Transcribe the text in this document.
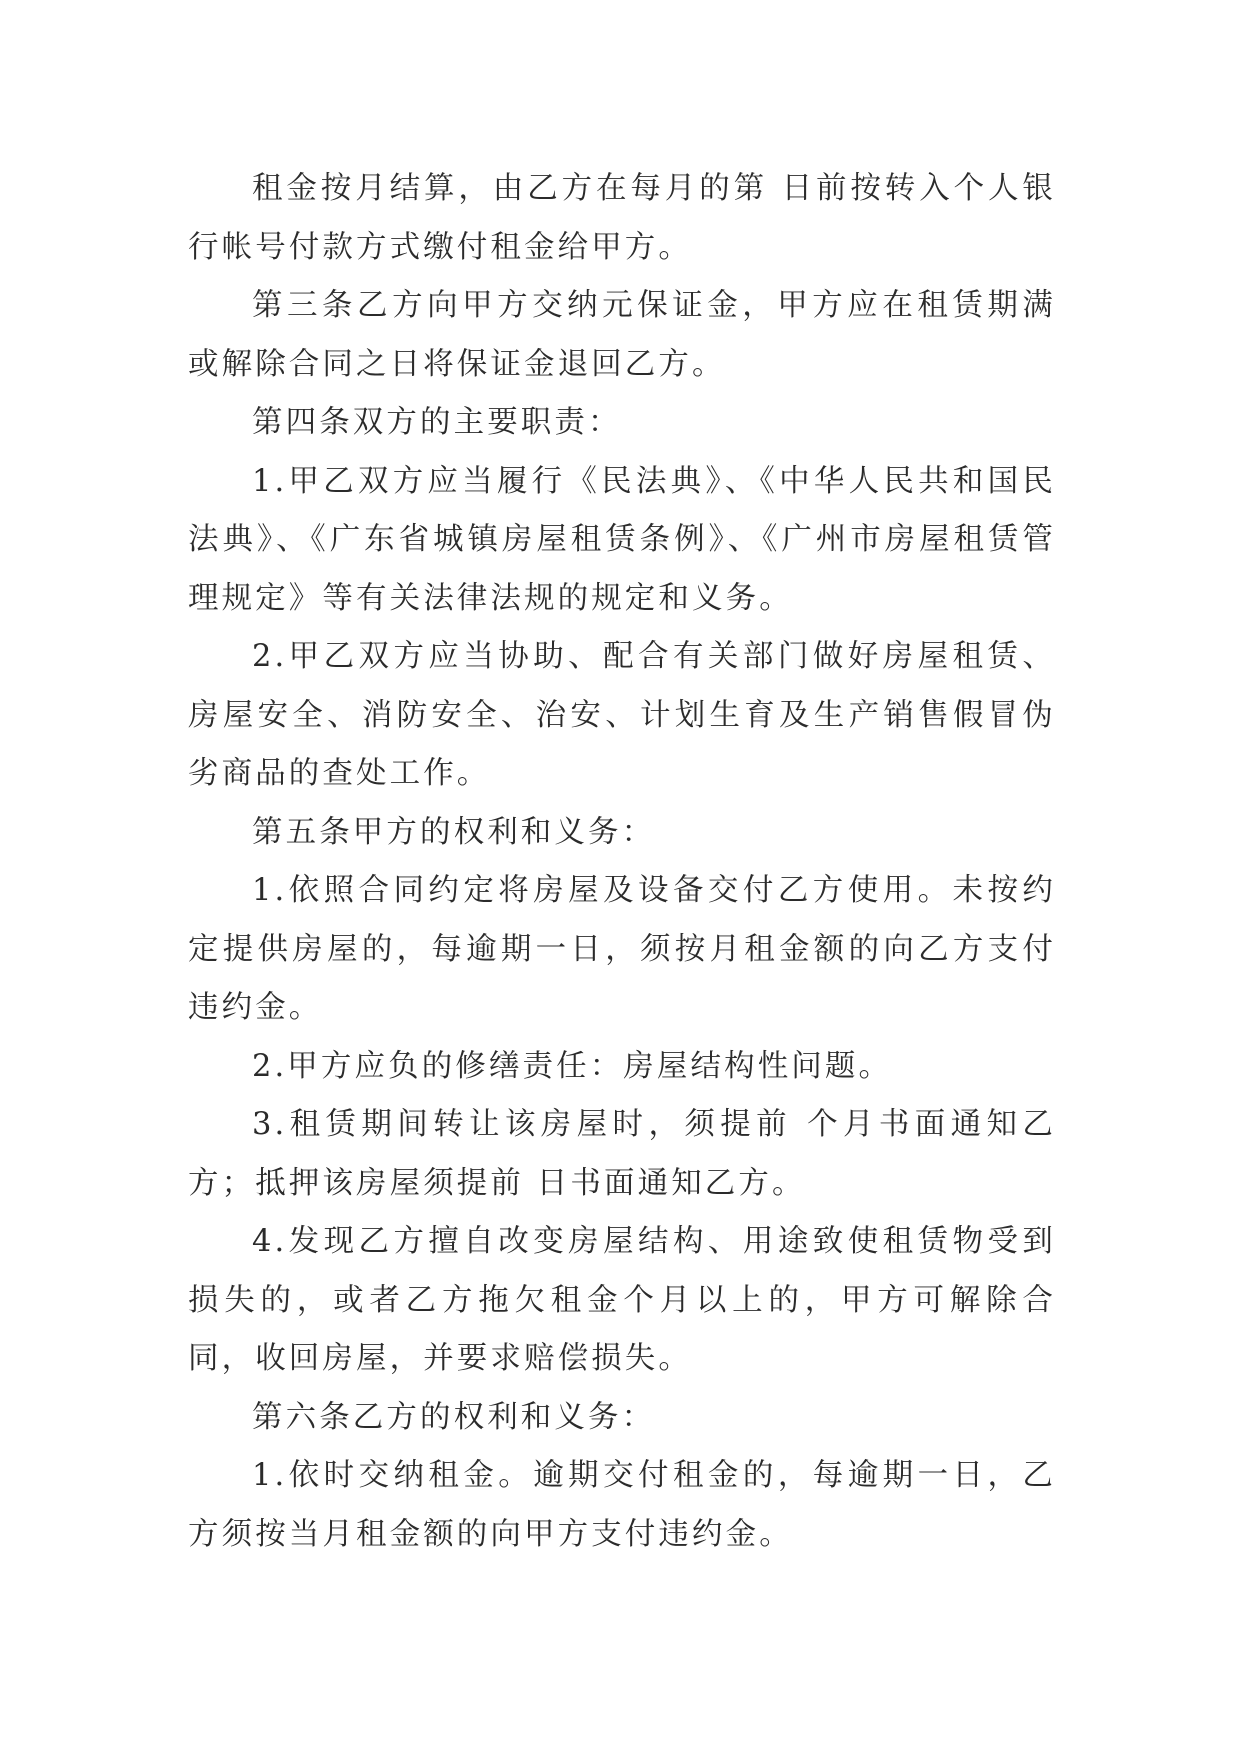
租金按月结算，由乙方在每月的第 日前按转入个人银行帐号付款方式缴付租金给甲方。

第三条乙方向甲方交纳元保证金，甲方应在租赁期满或解除合同之日将保证金退回乙方。

第四条双方的主要职责：

1.甲乙双方应当履行《民法典》、《中华人民共和国民法典》、《广东省城镇房屋租赁条例》、《广州市房屋租赁管理规定》等有关法律法规的规定和义务。

2.甲乙双方应当协助、配合有关部门做好房屋租赁、房屋安全、消防安全、治安、计划生育及生产销售假冒伪劣商品的查处工作。

第五条甲方的权利和义务：

1.依照合同约定将房屋及设备交付乙方使用。未按约定提供房屋的，每逾期一日，须按月租金额的向乙方支付违约金。

2.甲方应负的修缮责任：房屋结构性问题。

3.租赁期间转让该房屋时，须提前 个月书面通知乙方；抵押该房屋须提前 日书面通知乙方。

4.发现乙方擅自改变房屋结构、用途致使租赁物受到损失的，或者乙方拖欠租金个月以上的，甲方可解除合同，收回房屋，并要求赔偿损失。

第六条乙方的权利和义务：

1.依时交纳租金。逾期交付租金的，每逾期一日，乙方须按当月租金额的向甲方支付违约金。
